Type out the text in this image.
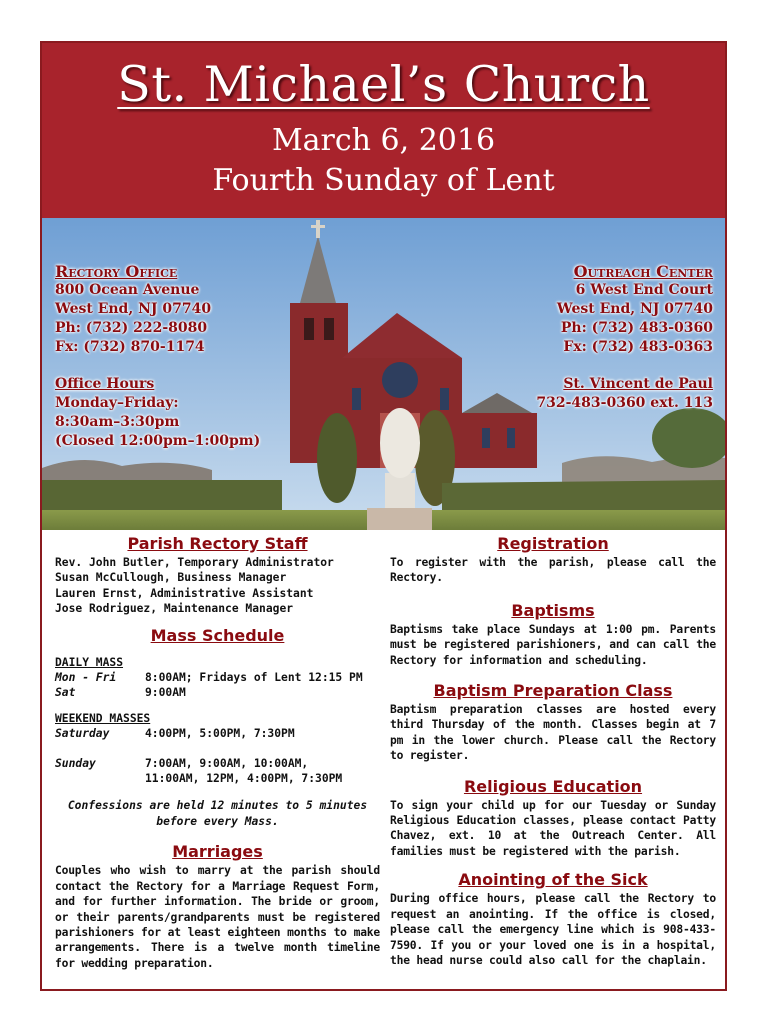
St. Michael’s Church
March 6, 2016
Fourth Sunday of Lent
Rectory Office
800 Ocean Avenue
West End, NJ 07740
Ph: (732) 222-8080
Fx: (732) 870-1174
Office Hours
Monday–Friday:
8:30am–3:30pm
(Closed 12:00pm–1:00pm)
Outreach Center
6 West End Court
West End, NJ 07740
Ph: (732) 483-0360
Fx: (732) 483-0363
St. Vincent de Paul
732-483-0360 ext. 113
Parish Rectory Staff
Rev. John Butler, Temporary Administrator
Susan McCullough, Business Manager
Lauren Ernst, Administrative Assistant
Jose Rodriguez, Maintenance Manager
Mass Schedule
DAILY MASS
Mon - Fri	8:00AM; Fridays of Lent 12:15 PM
Sat	9:00AM
WEEKEND MASSES
Saturday	4:00PM, 5:00PM, 7:30PM
Sunday	7:00AM, 9:00AM, 10:00AM,
11:00AM, 12PM, 4:00PM, 7:30PM
Confessions are held 12 minutes to 5 minutes
before every Mass.
Marriages

Couples who wish to marry at the parish should contact the Rectory for a Marriage Request Form, and for further information. The bride or groom, or their parents/grandparents must be registered parishioners for at least eighteen months to make arrangements. There is a twelve month timeline for wedding preparation.

Registration

To register with the parish, please call the Rectory.

Baptisms

Baptisms take place Sundays at 1:00 pm. Parents must be registered parishioners, and can call the Rectory for information and scheduling.

Baptism Preparation Class

Baptism preparation classes are hosted every third Thursday of the month. Classes begin at 7 pm in the lower church. Please call the Rectory to register.

Religious Education

To sign your child up for our Tuesday or Sunday Religious Education classes, please contact Patty Chavez, ext. 10 at the Outreach Center. All families must be registered with the parish.

Anointing of the Sick

During office hours, please call the Rectory to request an anointing. If the office is closed, please call the emergency line which is 908-433-7590. If you or your loved one is in a hospital, the head nurse could also call for the chaplain.
